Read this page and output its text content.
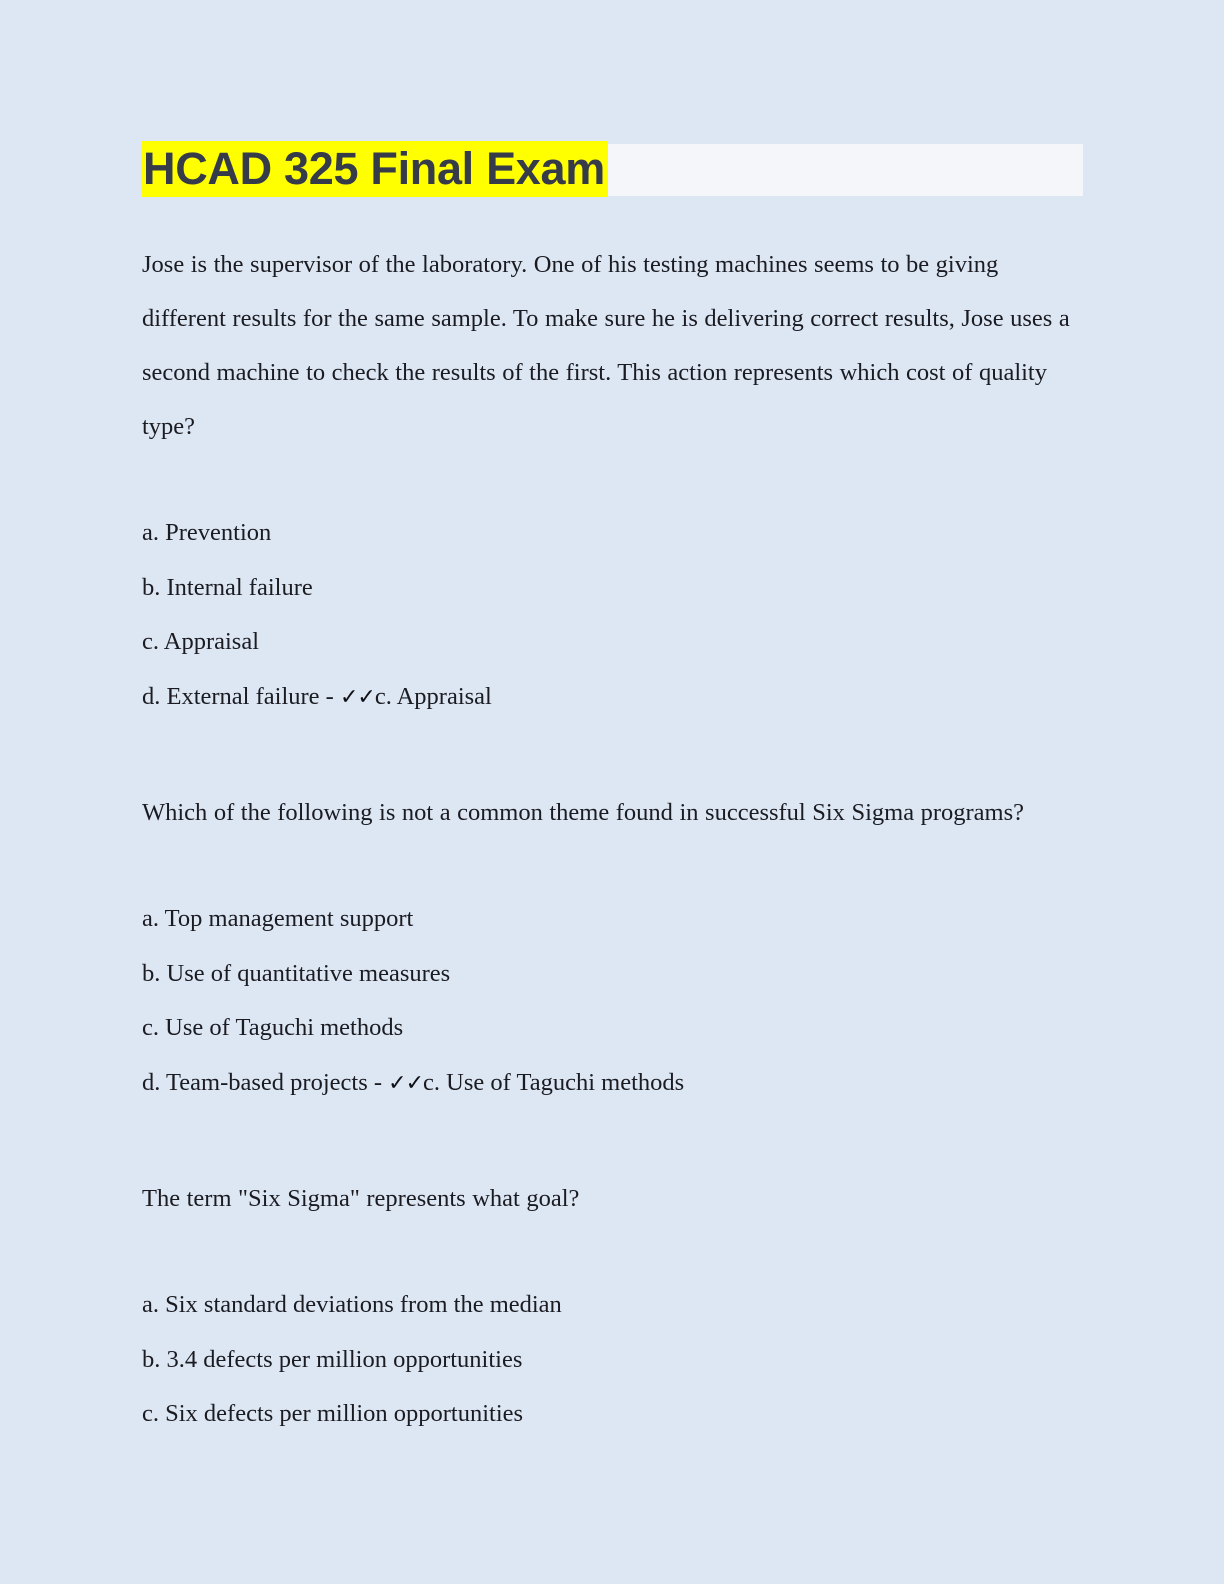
HCAD 325 Final Exam

Jose is the supervisor of the laboratory. One of his testing machines seems to be giving different results for the same sample. To make sure he is delivering correct results, Jose uses a second machine to check the results of the first. This action represents which cost of quality type?

a. Prevention
b. Internal failure
c. Appraisal
d. External failure - ✓✓c. Appraisal

Which of the following is not a common theme found in successful Six Sigma programs?

a. Top management support
b. Use of quantitative measures
c. Use of Taguchi methods
d. Team-based projects - ✓✓c. Use of Taguchi methods

The term "Six Sigma" represents what goal?

a. Six standard deviations from the median
b. 3.4 defects per million opportunities
c. Six defects per million opportunities
